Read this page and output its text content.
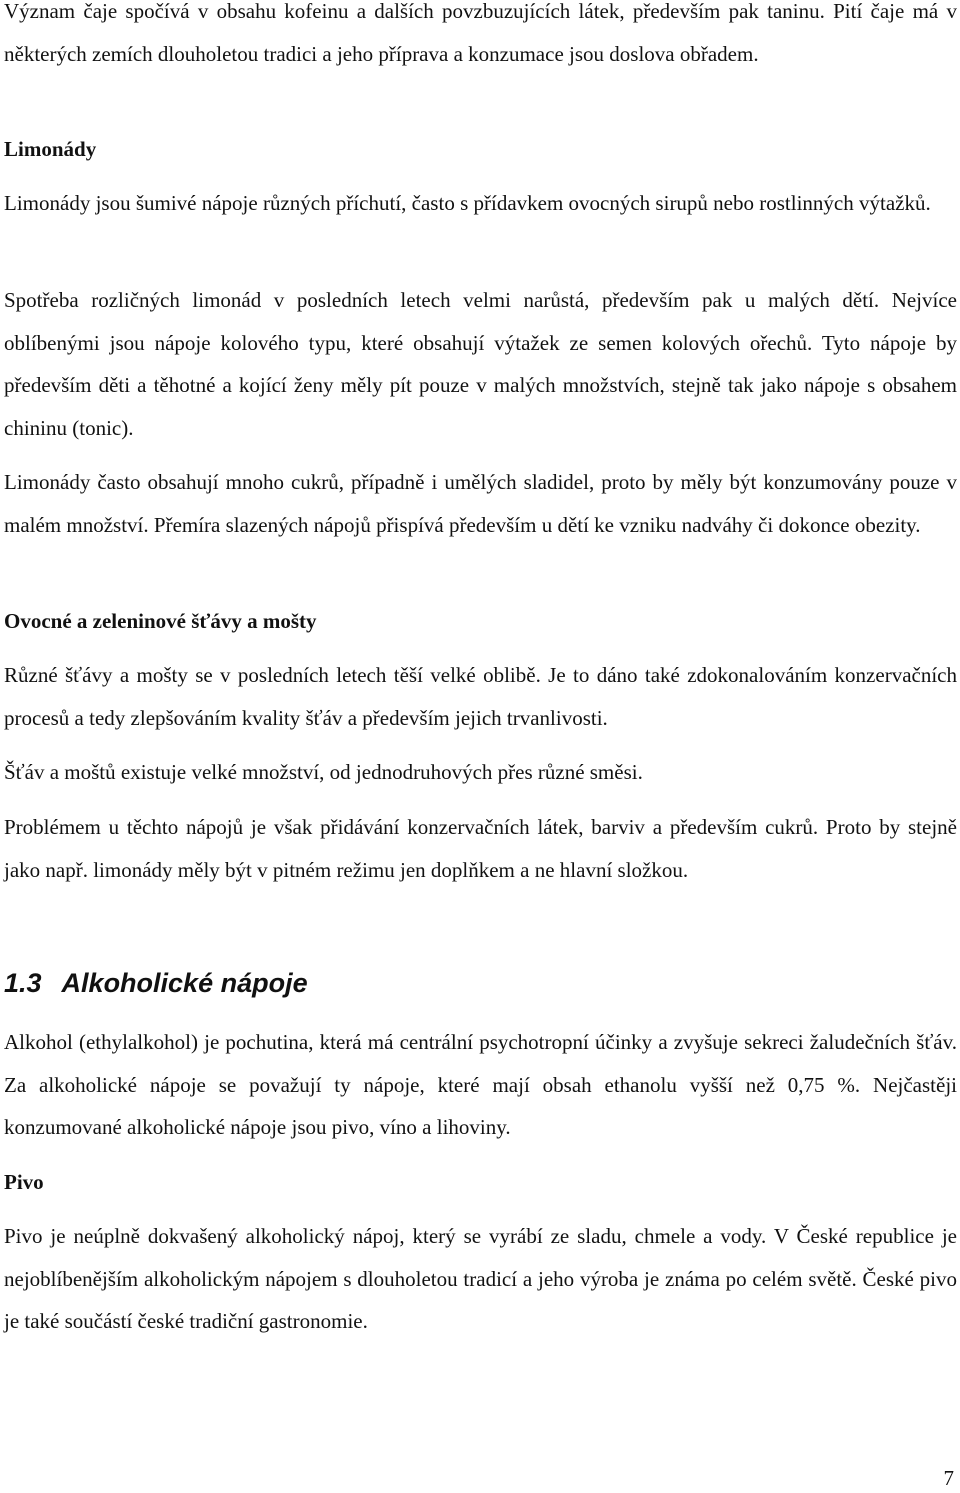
Význam čaje spočívá v obsahu kofeinu a dalších povzbuzujících látek, především pak taninu. Pití čaje má v některých zemích dlouholetou tradici a jeho příprava a konzumace jsou doslova obřadem.

Limonády

Limonády jsou šumivé nápoje různých příchutí, často s přídavkem ovocných sirupů nebo rostlinných výtažků.

Spotřeba rozličných limonád v posledních letech velmi narůstá, především pak u malých dětí. Nejvíce oblíbenými jsou nápoje kolového typu, které obsahují výtažek ze semen kolových ořechů. Tyto nápoje by především děti a těhotné a kojící ženy měly pít pouze v malých množstvích, stejně tak jako nápoje s obsahem chininu (tonic).

Limonády často obsahují mnoho cukrů, případně i umělých sladidel, proto by měly být konzumovány pouze v malém množství. Přemíra slazených nápojů přispívá především u dětí ke vzniku nadváhy či dokonce obezity.

Ovocné a zeleninové šťávy a mošty

Různé šťávy a mošty se v posledních letech těší velké oblibě. Je to dáno také zdokonalováním konzervačních procesů a tedy zlepšováním kvality šťáv a především jejich trvanlivosti.

Šťáv a moštů existuje velké množství, od jednodruhových přes různé směsi.

Problémem u těchto nápojů je však přidávání konzervačních látek, barviv a především cukrů. Proto by stejně jako např. limonády měly být v pitném režimu jen doplňkem a ne hlavní složkou.

1.3 Alkoholické nápoje

Alkohol (ethylalkohol) je pochutina, která má centrální psychotropní účinky a zvyšuje sekreci žaludečních šťáv. Za alkoholické nápoje se považují ty nápoje, které mají obsah ethanolu vyšší než 0,75 %. Nejčastěji konzumované alkoholické nápoje jsou pivo, víno a lihoviny.

Pivo

Pivo je neúplně dokvašený alkoholický nápoj, který se vyrábí ze sladu, chmele a vody. V České republice je nejoblíbenějším alkoholickým nápojem s dlouholetou tradicí a jeho výroba je známa po celém světě. České pivo je také součástí české tradiční gastronomie.

7
